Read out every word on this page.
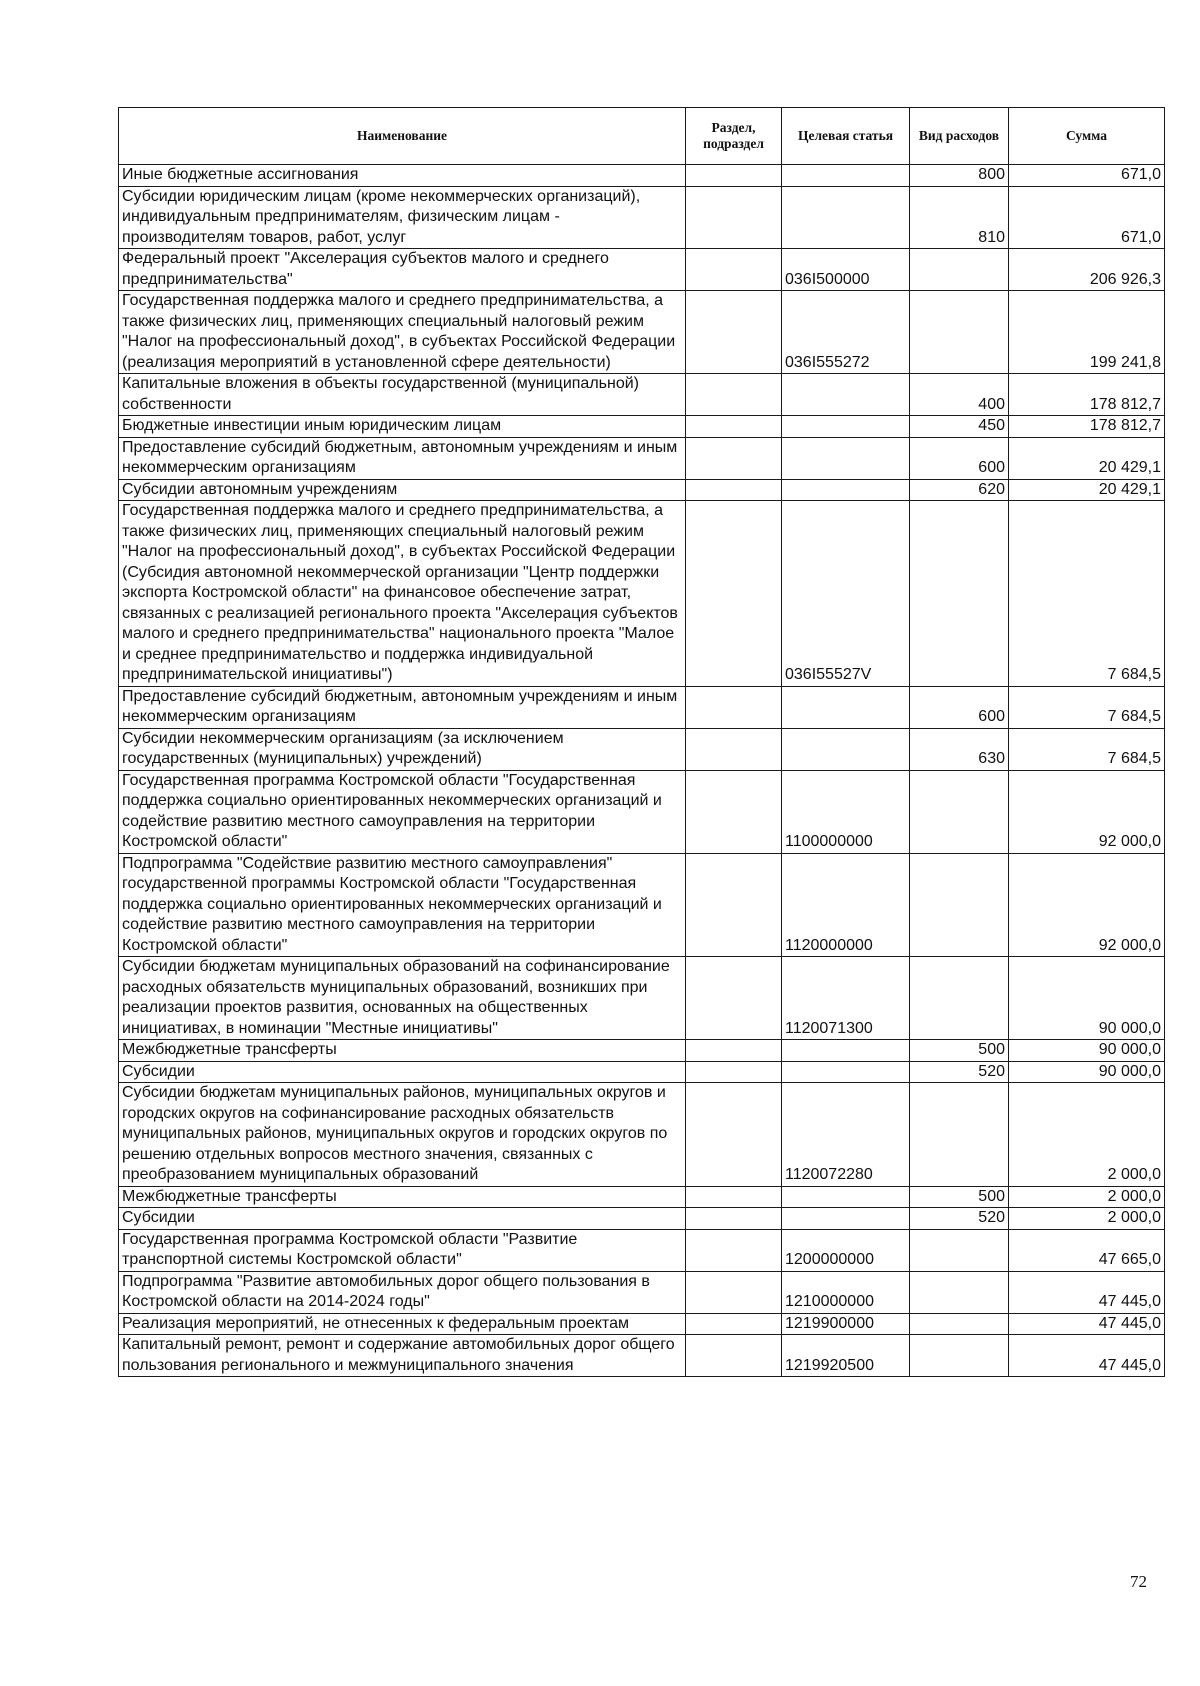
Наименование	Раздел, подраздел	Целевая статья	Вид расходов	Сумма
Иные бюджетные ассигнования			800	671,0
Субсидии юридическим лицам (кроме некоммерческих организаций), индивидуальным предпринимателям, физическим лицам - производителям товаров, работ, услуг			810	671,0
Федеральный проект "Акселерация субъектов малого и среднего предпринимательства"		036I500000		206 926,3
Государственная поддержка малого и среднего предпринимательства, а также физических лиц, применяющих специальный налоговый режим "Налог на профессиональный доход", в субъектах Российской Федерации (реализация мероприятий в установленной сфере деятельности)		036I555272		199 241,8
Капитальные вложения в объекты государственной (муниципальной) собственности			400	178 812,7
Бюджетные инвестиции иным юридическим лицам			450	178 812,7
Предоставление субсидий бюджетным, автономным учреждениям и иным некоммерческим организациям			600	20 429,1
Субсидии автономным учреждениям			620	20 429,1
Государственная поддержка малого и среднего предпринимательства, а также физических лиц, применяющих специальный налоговый режим "Налог на профессиональный доход", в субъектах Российской Федерации (Субсидия автономной некоммерческой организации "Центр поддержки экспорта Костромской области" на финансовое обеспечение затрат, связанных с реализацией регионального проекта "Акселерация субъектов малого и среднего предпринимательства" национального проекта "Малое и среднее предпринимательство и поддержка индивидуальной предпринимательской инициативы")		036I55527V		7 684,5
Предоставление субсидий бюджетным, автономным учреждениям и иным некоммерческим организациям			600	7 684,5
Субсидии некоммерческим организациям (за исключением государственных (муниципальных) учреждений)			630	7 684,5
Государственная программа Костромской области "Государственная поддержка социально ориентированных некоммерческих организаций и содействие развитию местного самоуправления на территории Костромской области"		1100000000		92 000,0
Подпрограмма "Содействие развитию местного самоуправления" государственной программы Костромской области "Государственная поддержка социально ориентированных некоммерческих организаций и содействие развитию местного самоуправления на территории Костромской области"		1120000000		92 000,0
Субсидии бюджетам муниципальных образований на софинансирование расходных обязательств муниципальных образований, возникших при реализации проектов развития, основанных на общественных инициативах, в номинации "Местные инициативы"		1120071300		90 000,0
Межбюджетные трансферты			500	90 000,0
Субсидии			520	90 000,0
Субсидии бюджетам муниципальных районов, муниципальных округов и городских округов на софинансирование расходных обязательств муниципальных районов, муниципальных округов и городских округов по решению отдельных вопросов местного значения, связанных с преобразованием муниципальных образований		1120072280		2 000,0
Межбюджетные трансферты			500	2 000,0
Субсидии			520	2 000,0
Государственная программа Костромской области "Развитие транспортной системы Костромской области"		1200000000		47 665,0
Подпрограмма "Развитие автомобильных дорог общего пользования в Костромской области на 2014-2024 годы"		1210000000		47 445,0
Реализация мероприятий, не отнесенных к федеральным проектам		1219900000		47 445,0
Капитальный ремонт, ремонт и содержание автомобильных дорог общего пользования регионального и межмуниципального значения		1219920500		47 445,0
72
